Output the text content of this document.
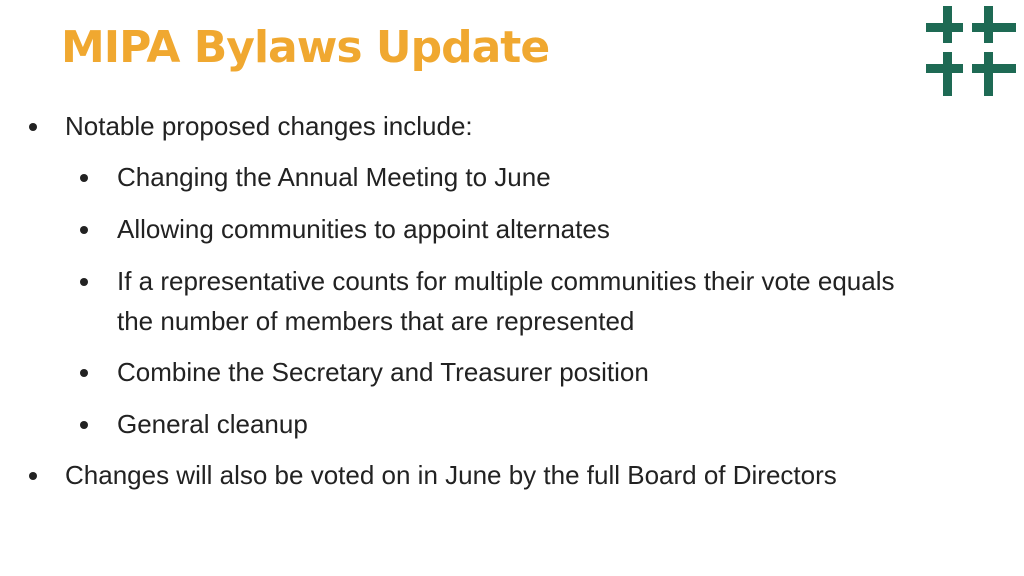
MIPA Bylaws Update
Notable proposed changes include:
Changing the Annual Meeting to June
Allowing communities to appoint alternates
If a representative counts for multiple communities their vote equals
the number of members that are represented
Combine the Secretary and Treasurer position
General cleanup
Changes will also be voted on in June by the full Board of Directors
